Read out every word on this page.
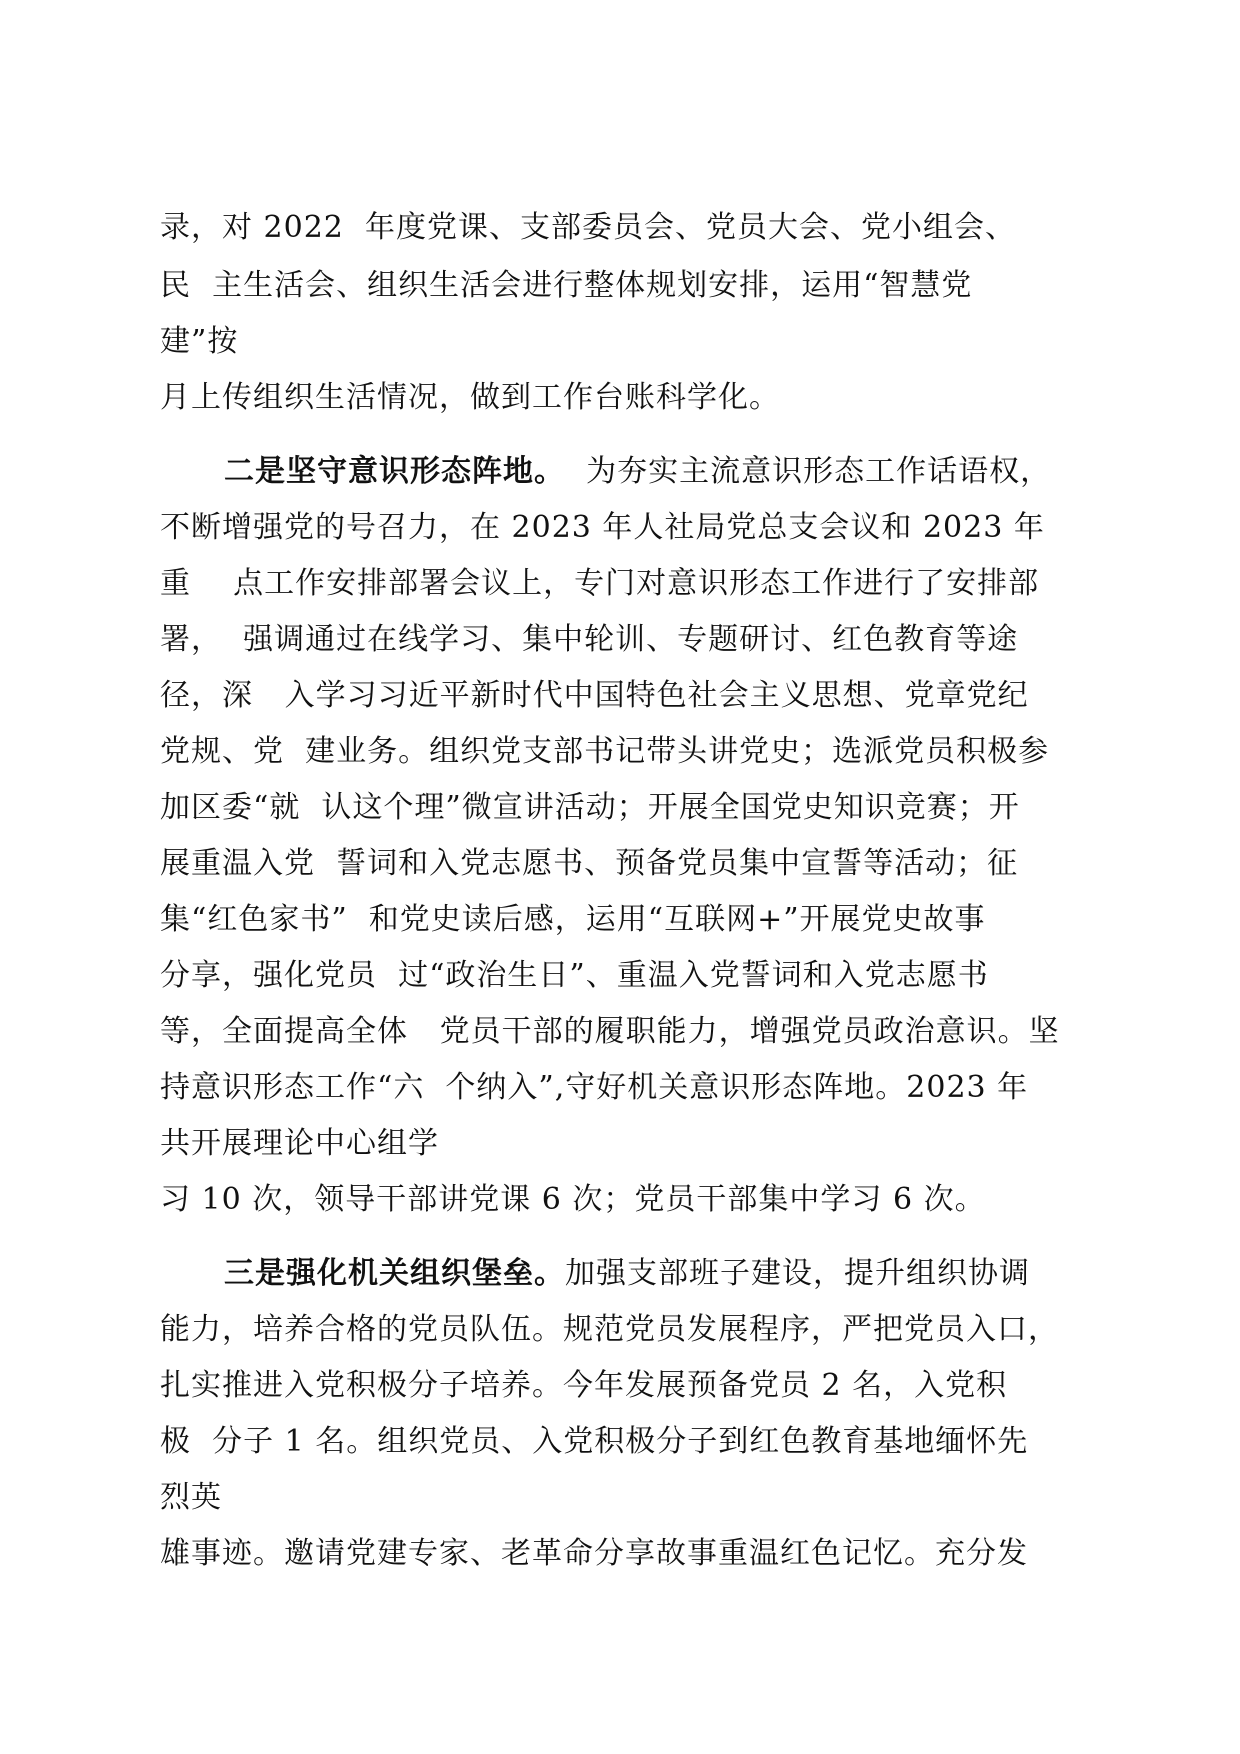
录，对 2022  年度党课、支部委员会、党员大会、党小组会、
民  主生活会、组织生活会进行整体规划安排，运用“智慧党
建”按
月上传组织生活情况，做到工作台账科学化。
二是坚守意识形态阵地。  为夯实主流意识形态工作话语权，
不断增强党的号召力，在 2023 年人社局党总支会议和 2023 年
重    点工作安排部署会议上，专门对意识形态工作进行了安排部
署，  强调通过在线学习、集中轮训、专题研讨、红色教育等途
径，深   入学习习近平新时代中国特色社会主义思想、党章党纪
党规、党  建业务。组织党支部书记带头讲党史；选派党员积极参
加区委“就  认这个理”微宣讲活动；开展全国党史知识竞赛；开
展重温入党  誓词和入党志愿书、预备党员集中宣誓等活动；征
集“红色家书”  和党史读后感，运用“互联网+”开展党史故事
分享，强化党员  过“政治生日”、重温入党誓词和入党志愿书
等，全面提高全体   党员干部的履职能力，增强党员政治意识。坚
持意识形态工作“六  个纳入”,守好机关意识形态阵地。2023 年
共开展理论中心组学
习 10 次，领导干部讲党课 6 次；党员干部集中学习 6 次。
三是强化机关组织堡垒。加强支部班子建设，提升组织协调
能力，培养合格的党员队伍。规范党员发展程序，严把党员入口，
扎实推进入党积极分子培养。今年发展预备党员 2 名，入党积
极  分子 1 名。组织党员、入党积极分子到红色教育基地缅怀先
烈英
雄事迹。邀请党建专家、老革命分享故事重温红色记忆。充分发
